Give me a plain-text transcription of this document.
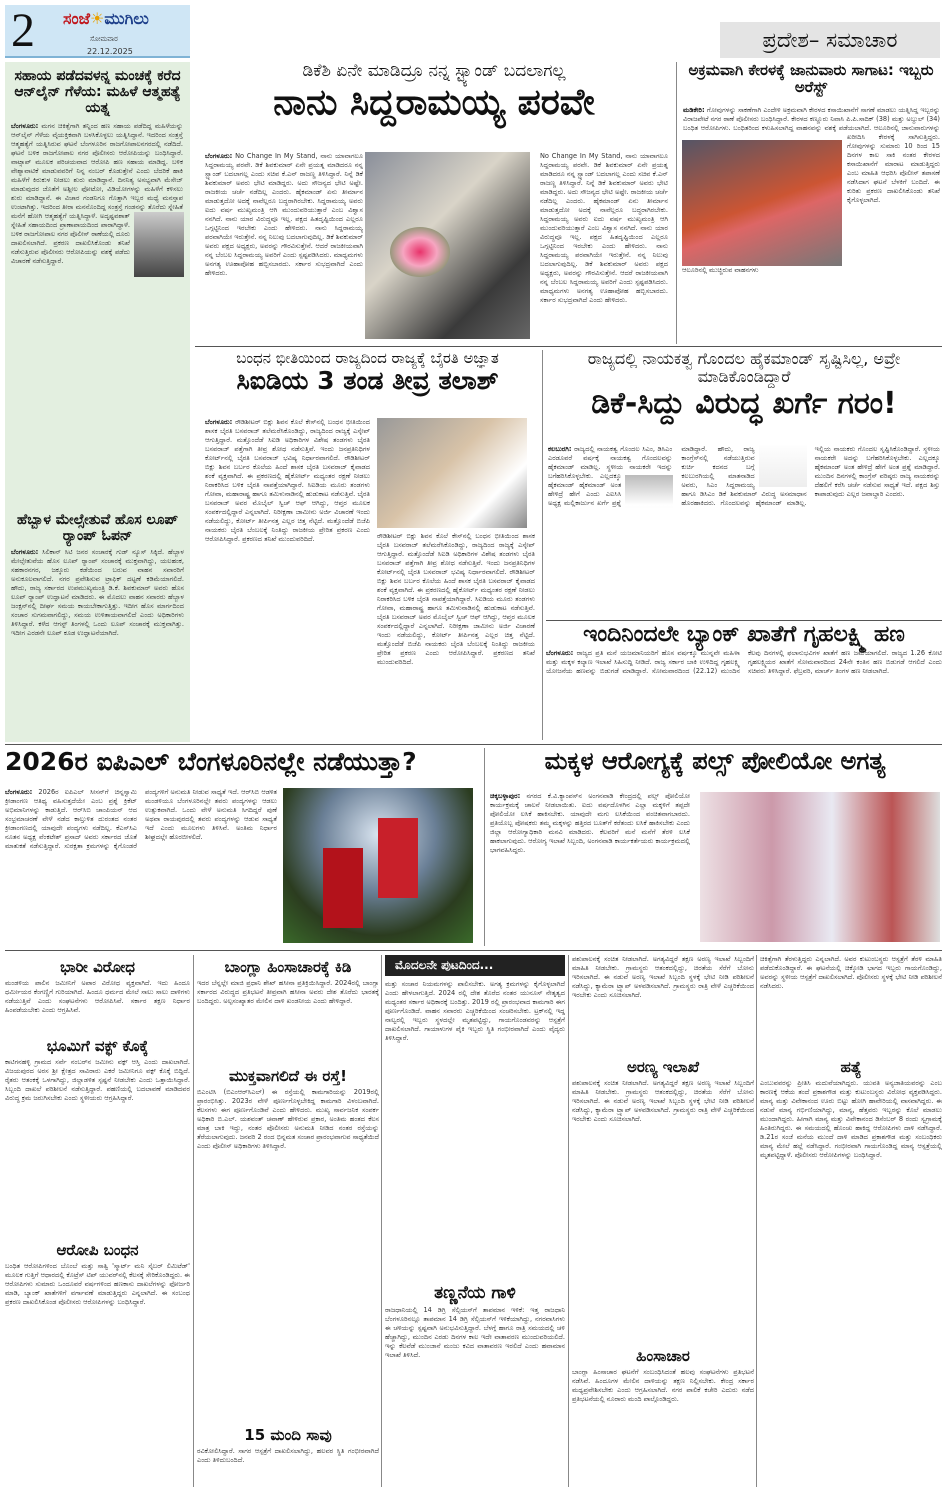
2 ಸಂಜೆ☀ಮುಗಿಲು
ಸೋಮವಾರ
22.12.2025	ಪ್ರದೇಶ– ಸಮಾಚಾರ
ಸಹಾಯ ಪಡೆದವಳನ್ನ ಮಂಚಕ್ಕೆ ಕರೆದ ಆನ್‌ಲೈನ್ ಗೆಳೆಯ: ಮಹಿಳೆ ಆತ್ಮಹತ್ಯೆ ಯತ್ನ
ಬೆಂಗಳೂರು: ಮಗನ ಚಿಕಿತ್ಸೆಗಾಗಿ ತನ್ನಿಂದ ಹಣ ಸಹಾಯ ಪಡೆದಿದ್ದ ಮಹಿಳೆಯನ್ನು ಆನ್‌ಲೈನ್ ಗೆಳೆಯ ವೈಯಕ್ತಿಕವಾಗಿ ಬಳಸಿಕೊಳ್ಳಲು ಯತ್ನಿಸಿದ್ದಾನೆ. ಇದರಿಂದ ಸಂತ್ರಸ್ತೆ ಆತ್ಮಹತ್ಯೆಗೆ ಯತ್ನಿಸಿರುವ ಘಟನೆ ಬೆಂಗಳೂರಿನ ರಾಜಗೋಪಾಲನಗರದಲ್ಲಿ ನಡೆದಿದೆ. ಘಟನೆ ಬಳಿಕ ರಾಜಗೋಪಾಲ ನಗರ ಪೊಲೀಸರು ಆರೋಪಿಯನ್ನು ಬಂಧಿಸಿದ್ದಾರೆ. ವಾಟ್ಸಾಪ್ ಮೂಲಕ ಪರಿಚಯವಾದ ಆರೋಪಿ ಹಣ ಸಹಾಯ ಮಾಡಿದ್ದ. ಬಳಿಕ ವೇಶ್ಯಾವಾಟಿಕೆ ಮಾಡುವವರಿಗೆ ನಿನ್ನ ನಂಬರ್ ಕೊಡುತ್ತೇನೆ ಎಂದು ಬೆದರಿಕೆ ಹಾಕಿ ಮಹಿಳೆಗೆ ಕಿರುಕುಳ ನೀಡಲು ಶುರು ಮಾಡಿದ್ದಾನೆ. ದಿನನಿತ್ಯ ಅಸಭ್ಯವಾಗಿ ಮೆಸೇಜ್ ಮಾಡುವುದರ ಜೊತೆಗೆ ಅಶ್ಲೀಲ ಫೋಟೋ, ವಿಡಿಯೋಗಳನ್ನು ಮಹಿಳೆಗೆ ಕಳಿಸಲು ಶುರು ಮಾಡಿದ್ದಾನೆ. ಈ ವಿಚಾರ ಗಂಡನಿಗೂ ಗೊತ್ತಾಗಿ ಇಬ್ಬರ ಮಧ್ಯೆ ಮನಸ್ತಾಪ ಉಂಟಾಗಿತ್ತು. ಇದರಿಂದ ತೀರಾ ಮನನೊಂದಿದ್ದ ಸಂತ್ರಸ್ತೆ ಗಂಡನನ್ನು ತೊರೆದು ಸ್ನೇಹಿತೆ ಮನೆಗೆ ಹೋಗಿ ಆತ್ಮಹತ್ಯೆಗೆ ಯತ್ನಿಸಿದ್ದಾಳೆ. ಅದೃಷ್ಟವಶಾತ್ ಸ್ನೇಹಿತೆ ಸಹಾಯದಿಂದ ಪ್ರಾಣಾಪಾಯದಿಂದ ಪಾರಾಗಿದ್ದಾಳೆ. ಬಳಿಕ ರಾಜಗೋಪಾಲ ನಗರ ಪೊಲೀಸ್ ಠಾಣೆಯಲ್ಲಿ ದೂರು ದಾಖಲಿಸಲಾಗಿದೆ. ಪ್ರಕರಣ ದಾಖಲಿಸಿಕೊಂಡು ತನಿಖೆ ನಡೆಸುತ್ತಿರುವ ಪೊಲೀಸರು ಆರೋಪಿಯನ್ನು ವಶಕ್ಕೆ ಪಡೆದು ವಿಚಾರಣೆ ನಡೆಸುತ್ತಿದ್ದಾರೆ.
ಹೆಬ್ಬಾಳ ಮೇಲ್ಸೇತುವೆ ಹೊಸ ಲೂಪ್ ರ್‍ಯಾಂಪ್ ಓಪನ್
ಬೆಂಗಳೂರು: ಸಿಲಿಕಾನ್ ಸಿಟಿ ಜನರ ಸಂಚಾರಕ್ಕೆ ಗುಡ್ ನ್ಯೂಸ್ ಸಿಕ್ಕಿದೆ. ಹೆಬ್ಬಾಳ ಮೇಲ್ಸೇತುವೆಯ ಹೊಸ ಲೂಪ್ ರ್‍ಯಾಂಪ್ ಸಂಚಾರಕ್ಕೆ ಮುಕ್ತವಾಗಿದ್ದು, ಯಲಹಂಕ, ಸಹಕಾರನಗರ, ಜಕ್ಕೂರು ಕಡೆಯಿಂದ ಬರುವ ವಾಹನ ಸವಾರರಿಗೆ ಅನುಕೂಲವಾಗಲಿದೆ. ನಗರ ಪ್ರವೇಶಿಸುವ ಟ್ರಾಫಿಕ್ ದಟ್ಟಣೆ ಕಡಿಮೆಯಾಗಲಿದೆ. ಹೌದು, ರಾಜ್ಯ ಸರ್ಕಾರದ ಉಪಮುಖ್ಯಮಂತ್ರಿ ಡಿ.ಕೆ. ಶಿವಕುಮಾರ್ ಅವರು ಹೊಸ ಲೂಪ್ ರ್‍ಯಾಂಪ್ ಉದ್ಘಾಟನೆ ಮಾಡಿದರು. ಈ ಮೊದಲು ವಾಹನ ಸವಾರರು ಹೆಬ್ಬಾಳ ಜಂಕ್ಷನ್‌ನಲ್ಲಿ ದೀರ್ಘ ಸಮಯ ಕಾಯಬೇಕಾಗುತ್ತಿತ್ತು. ಇದೀಗ ಹೊಸ ಮಾರ್ಗದಿಂದ ಸಂಚಾರ ಸುಗಮವಾಗಲಿದ್ದು, ಸಮಯ ಉಳಿತಾಯವಾಗಲಿದೆ ಎಂದು ಅಧಿಕಾರಿಗಳು ತಿಳಿಸಿದ್ದಾರೆ. ಕಳೆದ ಆಗಸ್ಟ್ ತಿಂಗಳಲ್ಲಿ ಒಂದು ಲೂಪ್ ಸಂಚಾರಕ್ಕೆ ಮುಕ್ತವಾಗಿತ್ತು. ಇದೀಗ ಎರಡನೇ ಲೂಪ್ ಕೂಡ ಉದ್ಘಾಟನೆಯಾಗಿದೆ.
ಡಿಕೆಶಿ ಏನೇ ಮಾಡಿದ್ರೂ ನನ್ನ ಸ್ಟ್ಯಾಂಡ್ ಬದಲಾಗಲ್ಲ
ನಾನು ಸಿದ್ದರಾಮಯ್ಯ ಪರವೇ
ಬೆಂಗಳೂರು: No Change In My Stand, ನಾನು ಯಾವಾಗಲೂ ಸಿದ್ದರಾಮಯ್ಯ ಪರವೇ. ಡಿಕೆ ಶಿವಕುಮಾರ್ ಏನೇ ಪ್ರಯತ್ನ ಮಾಡಿದರೂ ನನ್ನ ಸ್ಟ್ಯಾಂಡ್ ಬದಲಾಗಲ್ಲ ಎಂದು ಸಚಿವ ಕೆ.ಎನ್ ರಾಜಣ್ಣ ತಿಳಿಸಿದ್ದಾರೆ. ನಿನ್ನೆ ಡಿಕೆ ಶಿವಕುಮಾರ್ ಅವರು ಭೇಟಿ ಮಾಡಿದ್ದರು. ಅದು ಸೌಜನ್ಯದ ಭೇಟಿ ಅಷ್ಟೇ. ರಾಜಕೀಯ ಚರ್ಚೆ ನಡೆದಿಲ್ಲ ಎಂದರು. ಹೈಕಮಾಂಡ್ ಏನು ತೀರ್ಮಾನ ಮಾಡುತ್ತದೋ ಅದಕ್ಕೆ ನಾವೆಲ್ಲರೂ ಬದ್ಧರಾಗಿರಬೇಕು. ಸಿದ್ದರಾಮಯ್ಯ ಅವರು ಐದು ವರ್ಷ ಮುಖ್ಯಮಂತ್ರಿ ಆಗಿ ಮುಂದುವರಿಯುತ್ತಾರೆ ಎಂಬ ವಿಶ್ವಾಸ ನನಗಿದೆ. ನಾನು ಯಾರ ವಿರುದ್ಧವೂ ಇಲ್ಲ. ಪಕ್ಷದ ಹಿತದೃಷ್ಟಿಯಿಂದ ಎಲ್ಲರೂ ಒಗ್ಗಟ್ಟಿನಿಂದ ಇರಬೇಕು ಎಂದು ಹೇಳಿದರು. ನಾನು ಸಿದ್ದರಾಮಯ್ಯ ಪರವಾಗಿಯೇ ಇರುತ್ತೇನೆ. ನನ್ನ ನಿಲುವು ಬದಲಾಗುವುದಿಲ್ಲ. ಡಿಕೆ ಶಿವಕುಮಾರ್ ಅವರು ಪಕ್ಷದ ಅಧ್ಯಕ್ಷರು, ಅವರನ್ನು ಗೌರವಿಸುತ್ತೇನೆ. ಆದರೆ ರಾಜಕೀಯವಾಗಿ ನನ್ನ ಬೆಂಬಲ ಸಿದ್ದರಾಮಯ್ಯ ಅವರಿಗೆ ಎಂದು ಸ್ಪಷ್ಟಪಡಿಸಿದರು. ಮಾಧ್ಯಮಗಳು ಅನಗತ್ಯ ಊಹಾಪೋಹ ಹಬ್ಬಿಸಬಾರದು. ಸರ್ಕಾರ ಸುಭದ್ರವಾಗಿದೆ ಎಂದು ಹೇಳಿದರು.
No Change In My Stand, ನಾನು ಯಾವಾಗಲೂ ಸಿದ್ದರಾಮಯ್ಯ ಪರವೇ. ಡಿಕೆ ಶಿವಕುಮಾರ್ ಏನೇ ಪ್ರಯತ್ನ ಮಾಡಿದರೂ ನನ್ನ ಸ್ಟ್ಯಾಂಡ್ ಬದಲಾಗಲ್ಲ ಎಂದು ಸಚಿವ ಕೆ.ಎನ್ ರಾಜಣ್ಣ ತಿಳಿಸಿದ್ದಾರೆ. ನಿನ್ನೆ ಡಿಕೆ ಶಿವಕುಮಾರ್ ಅವರು ಭೇಟಿ ಮಾಡಿದ್ದರು. ಅದು ಸೌಜನ್ಯದ ಭೇಟಿ ಅಷ್ಟೇ. ರಾಜಕೀಯ ಚರ್ಚೆ ನಡೆದಿಲ್ಲ ಎಂದರು. ಹೈಕಮಾಂಡ್ ಏನು ತೀರ್ಮಾನ ಮಾಡುತ್ತದೋ ಅದಕ್ಕೆ ನಾವೆಲ್ಲರೂ ಬದ್ಧರಾಗಿರಬೇಕು. ಸಿದ್ದರಾಮಯ್ಯ ಅವರು ಐದು ವರ್ಷ ಮುಖ್ಯಮಂತ್ರಿ ಆಗಿ ಮುಂದುವರಿಯುತ್ತಾರೆ ಎಂಬ ವಿಶ್ವಾಸ ನನಗಿದೆ. ನಾನು ಯಾರ ವಿರುದ್ಧವೂ ಇಲ್ಲ. ಪಕ್ಷದ ಹಿತದೃಷ್ಟಿಯಿಂದ ಎಲ್ಲರೂ ಒಗ್ಗಟ್ಟಿನಿಂದ ಇರಬೇಕು ಎಂದು ಹೇಳಿದರು. ನಾನು ಸಿದ್ದರಾಮಯ್ಯ ಪರವಾಗಿಯೇ ಇರುತ್ತೇನೆ. ನನ್ನ ನಿಲುವು ಬದಲಾಗುವುದಿಲ್ಲ. ಡಿಕೆ ಶಿವಕುಮಾರ್ ಅವರು ಪಕ್ಷದ ಅಧ್ಯಕ್ಷರು, ಅವರನ್ನು ಗೌರವಿಸುತ್ತೇನೆ. ಆದರೆ ರಾಜಕೀಯವಾಗಿ ನನ್ನ ಬೆಂಬಲ ಸಿದ್ದರಾಮಯ್ಯ ಅವರಿಗೆ ಎಂದು ಸ್ಪಷ್ಟಪಡಿಸಿದರು. ಮಾಧ್ಯಮಗಳು ಅನಗತ್ಯ ಊಹಾಪೋಹ ಹಬ್ಬಿಸಬಾರದು. ಸರ್ಕಾರ ಸುಭದ್ರವಾಗಿದೆ ಎಂದು ಹೇಳಿದರು.
ಅಕ್ರಮವಾಗಿ ಕೇರಳಕ್ಕೆ ಜಾನುವಾರು ಸಾಗಾಟ: ಇಬ್ಬರು ಅರೆಸ್ಟ್
ಆಲೂರಿನಲ್ಲಿ ಮುಚ್ಚಿರುವ ವಾಹನಗಳು
ಮಡಿಕೇರಿ: ಗೋವುಗಳನ್ನು ಸಾಕಣೆಗಾಗಿ ಎಂದೇಳಿ ಅಕ್ರಮವಾಗಿ ಕೇರಳದ ಕಸಾಯಿಖಾನೆಗೆ ಸಾಗಣೆ ಮಾಡಲು ಯತ್ನಿಸಿದ್ದ ಇಬ್ಬರನ್ನು ವಿರಾಜಪೇಟೆ ನಗರ ಠಾಣೆ ಪೊಲೀಸರು ಬಂಧಿಸಿದ್ದಾರೆ. ಕೇರಳದ ಕಣ್ಣೂರು ನಿವಾಸಿ ಪಿ.ಪಿ.ಸಾದಿಕ್ (38) ಮತ್ತು ಅಬ್ದುಲ್ (34) ಬಂಧಿತ ಆರೋಪಿಗಳು. ಬಂಧಿತರಿಂದ ಕಳುಹಿಸಲಾಗಿದ್ದ ವಾಹನವನ್ನು ವಶಕ್ಕೆ ಪಡೆಯಲಾಗಿದೆ. ಆಲೂರಿನಲ್ಲಿ ಜಾನುವಾರುಗಳನ್ನು ಖರೀದಿಸಿ ಕೇರಳಕ್ಕೆ ಸಾಗಿಸುತ್ತಿದ್ದರು. ಗೋವುಗಳನ್ನು ಸುಮಾರು 10 ರಿಂದ 15 ದಿನಗಳ ಕಾಲ ಸಾಕಿ ನಂತರ ಕೇರಳದ ಕಸಾಯಿಖಾನೆಗೆ ಮಾರಾಟ ಮಾಡುತ್ತಿದ್ದರು ಎಂಬ ಮಾಹಿತಿ ಆಧರಿಸಿ ಪೊಲೀಸ್ ತಪಾಸಣೆ ನಡೆಸಿದಾಗ ಘಟನೆ ಬೆಳಕಿಗೆ ಬಂದಿದೆ. ಈ ಕುರಿತು ಪ್ರಕರಣ ದಾಖಲಿಸಿಕೊಂಡು ತನಿಖೆ ಕೈಗೊಳ್ಳಲಾಗಿದೆ.
ಬಂಧನ ಭೀತಿಯಿಂದ ರಾಜ್ಯದಿಂದ ರಾಜ್ಯಕ್ಕೆ ಬೈರತಿ ಅಜ್ಞಾತ
ಸಿಐಡಿಯ 3 ತಂಡ ತೀವ್ರ ತಲಾಶ್
ಬೆಂಗಳೂರು: ರೌಡಿಶೀಟರ್ ಬಿಕ್ಲು ಶಿವನ ಕೊಲೆ ಕೇಸ್‌ನಲ್ಲಿ ಬಂಧನ ಭೀತಿಯಿಂದ ಶಾಸಕ ಬೈರತಿ ಬಸವರಾಜ್ ತಲೆಮರೆಸಿಕೊಂಡಿದ್ದು, ರಾಜ್ಯದಿಂದ ರಾಜ್ಯಕ್ಕೆ ಎಸ್ಕೇಪ್ ಆಗುತ್ತಿದ್ದಾರೆ. ಮತ್ತೊಂದೆಡೆ ಸಿಐಡಿ ಅಧಿಕಾರಿಗಳ ವಿಶೇಷ ತಂಡಗಳು ಬೈರತಿ ಬಸವರಾಜ್ ಪತ್ತೆಗಾಗಿ ತೀವ್ರ ಶೋಧ ನಡೆಸುತ್ತಿವೆ. ಇಂದು ಜನಪ್ರತಿನಿಧಿಗಳ ಕೋರ್ಟ್‌ನಲ್ಲಿ ಬೈರತಿ ಬಸವರಾಜ್ ಭವಿಷ್ಯ ನಿರ್ಧಾರವಾಗಲಿದೆ. ರೌಡಿಶೀಟರ್ ಬಿಕ್ಲು ಶಿವನ ಬರ್ಬರ ಕೊಲೆಯ ಹಿಂದೆ ಶಾಸಕ ಬೈರತಿ ಬಸವರಾಜ್ ಕೈವಾಡದ ಶಂಕೆ ವ್ಯಕ್ತವಾಗಿದೆ. ಈ ಪ್ರಕರಣದಲ್ಲಿ ಹೈಕೋರ್ಟ್ ಮಧ್ಯಂತರ ರಕ್ಷಣೆ ನೀಡಲು ನಿರಾಕರಿಸಿದ ಬಳಿಕ ಬೈರತಿ ನಾಪತ್ತೆಯಾಗಿದ್ದಾರೆ. ಸಿಐಡಿಯ ಮೂರು ತಂಡಗಳು ಗೋವಾ, ಮಹಾರಾಷ್ಟ್ರ ಹಾಗೂ ತಮಿಳುನಾಡಿನಲ್ಲಿ ಹುಡುಕಾಟ ನಡೆಸುತ್ತಿವೆ. ಬೈರತಿ ಬಸವರಾಜ್ ಅವರ ಮೊಬೈಲ್ ಸ್ವಿಚ್ ಆಫ್ ಆಗಿದ್ದು, ಆಪ್ತರ ಮೂಲಕ ಸಂಪರ್ಕದಲ್ಲಿದ್ದಾರೆ ಎನ್ನಲಾಗಿದೆ. ನಿರೀಕ್ಷಣಾ ಜಾಮೀನು ಅರ್ಜಿ ವಿಚಾರಣೆ ಇಂದು ನಡೆಯಲಿದ್ದು, ಕೋರ್ಟ್ ತೀರ್ಪಿನತ್ತ ಎಲ್ಲರ ಚಿತ್ತ ನೆಟ್ಟಿದೆ. ಮತ್ತೊಂದೆಡೆ ಬಿಜೆಪಿ ನಾಯಕರು ಬೈರತಿ ಬೆಂಬಲಕ್ಕೆ ನಿಂತಿದ್ದು ರಾಜಕೀಯ ಪ್ರೇರಿತ ಪ್ರಕರಣ ಎಂದು ಆರೋಪಿಸಿದ್ದಾರೆ. ಪ್ರಕರಣದ ತನಿಖೆ ಮುಂದುವರಿದಿದೆ.	ರೌಡಿಶೀಟರ್ ಬಿಕ್ಲು ಶಿವನ ಕೊಲೆ ಕೇಸ್‌ನಲ್ಲಿ ಬಂಧನ ಭೀತಿಯಿಂದ ಶಾಸಕ ಬೈರತಿ ಬಸವರಾಜ್ ತಲೆಮರೆಸಿಕೊಂಡಿದ್ದು, ರಾಜ್ಯದಿಂದ ರಾಜ್ಯಕ್ಕೆ ಎಸ್ಕೇಪ್ ಆಗುತ್ತಿದ್ದಾರೆ. ಮತ್ತೊಂದೆಡೆ ಸಿಐಡಿ ಅಧಿಕಾರಿಗಳ ವಿಶೇಷ ತಂಡಗಳು ಬೈರತಿ ಬಸವರಾಜ್ ಪತ್ತೆಗಾಗಿ ತೀವ್ರ ಶೋಧ ನಡೆಸುತ್ತಿವೆ. ಇಂದು ಜನಪ್ರತಿನಿಧಿಗಳ ಕೋರ್ಟ್‌ನಲ್ಲಿ ಬೈರತಿ ಬಸವರಾಜ್ ಭವಿಷ್ಯ ನಿರ್ಧಾರವಾಗಲಿದೆ. ರೌಡಿಶೀಟರ್ ಬಿಕ್ಲು ಶಿವನ ಬರ್ಬರ ಕೊಲೆಯ ಹಿಂದೆ ಶಾಸಕ ಬೈರತಿ ಬಸವರಾಜ್ ಕೈವಾಡದ ಶಂಕೆ ವ್ಯಕ್ತವಾಗಿದೆ. ಈ ಪ್ರಕರಣದಲ್ಲಿ ಹೈಕೋರ್ಟ್ ಮಧ್ಯಂತರ ರಕ್ಷಣೆ ನೀಡಲು ನಿರಾಕರಿಸಿದ ಬಳಿಕ ಬೈರತಿ ನಾಪತ್ತೆಯಾಗಿದ್ದಾರೆ. ಸಿಐಡಿಯ ಮೂರು ತಂಡಗಳು ಗೋವಾ, ಮಹಾರಾಷ್ಟ್ರ ಹಾಗೂ ತಮಿಳುನಾಡಿನಲ್ಲಿ ಹುಡುಕಾಟ ನಡೆಸುತ್ತಿವೆ. ಬೈರತಿ ಬಸವರಾಜ್ ಅವರ ಮೊಬೈಲ್ ಸ್ವಿಚ್ ಆಫ್ ಆಗಿದ್ದು, ಆಪ್ತರ ಮೂಲಕ ಸಂಪರ್ಕದಲ್ಲಿದ್ದಾರೆ ಎನ್ನಲಾಗಿದೆ. ನಿರೀಕ್ಷಣಾ ಜಾಮೀನು ಅರ್ಜಿ ವಿಚಾರಣೆ ಇಂದು ನಡೆಯಲಿದ್ದು, ಕೋರ್ಟ್ ತೀರ್ಪಿನತ್ತ ಎಲ್ಲರ ಚಿತ್ತ ನೆಟ್ಟಿದೆ. ಮತ್ತೊಂದೆಡೆ ಬಿಜೆಪಿ ನಾಯಕರು ಬೈರತಿ ಬೆಂಬಲಕ್ಕೆ ನಿಂತಿದ್ದು ರಾಜಕೀಯ ಪ್ರೇರಿತ ಪ್ರಕರಣ ಎಂದು ಆರೋಪಿಸಿದ್ದಾರೆ. ಪ್ರಕರಣದ ತನಿಖೆ ಮುಂದುವರಿದಿದೆ.
ರಾಜ್ಯದಲ್ಲಿ ನಾಯಕತ್ವ ಗೊಂದಲ ಹೈಕಮಾಂಡ್ ಸೃಷ್ಟಿಸಿಲ್ಲ, ಅವ್ರೇ ಮಾಡಿಕೊಂಡಿದ್ದಾರೆ
ಡಿಕೆ-ಸಿದ್ದು ವಿರುದ್ಧ ಖರ್ಗೆ ಗರಂ!
ಕಲಬುರಗಿ: ರಾಜ್ಯದಲ್ಲಿ ನಾಯಕತ್ವ ಗೊಂದಲ ಸಿಎಂ, ಡಿಸಿಎಂ ಎರಡೂವರೆ ವರ್ಷಕ್ಕೆ ನಾಯಕತ್ವ ಗೊಂದಲವನ್ನು ಹೈಕಮಾಂಡ್ ಮಾಡಿಲ್ಲ. ಸ್ಥಳೀಯ ನಾಯಕರೇ ಇದನ್ನು ಬಗೆಹರಿಸಿಕೊಳ್ಳಬೇಕು. ಎಲ್ಲದಕ್ಕೂ ಹೈಕಮಾಂಡ್ ಹೈಕಮಾಂಡ್ ಅಂತ ಹೇಳಿದ್ರೆ ಹೇಗೆ ಎಂದು ಎಐಸಿಸಿ ಅಧ್ಯಕ್ಷ ಮಲ್ಲಿಕಾರ್ಜುನ ಖರ್ಗೆ ಪ್ರಶ್ನೆ ಮಾಡಿದ್ದಾರೆ. ಹೌದು, ರಾಜ್ಯ ಕಾಂಗ್ರೆಸ್‌ನಲ್ಲಿ ನಡೆಯುತ್ತಿರುವ ಕುರ್ಚಿ ಕದನದ ಬಗ್ಗೆ ಕಲಬುರಗಿಯಲ್ಲಿ ಮಾತನಾಡಿದ ಅವರು, ಸಿಎಂ ಸಿದ್ದರಾಮಯ್ಯ ಹಾಗೂ ಡಿಸಿಎಂ ಡಿಕೆ ಶಿವಕುಮಾರ್ ವಿರುದ್ಧ ಅಸಮಾಧಾನ ಹೊರಹಾಕಿದರು. ಗೊಂದಲವನ್ನು ಹೈಕಮಾಂಡ್ ಮಾಡಿಲ್ಲ. ಇಲ್ಲಿಯ ನಾಯಕರು ಗೊಂದಲ ಸೃಷ್ಟಿಸಿಕೊಂಡಿದ್ದಾರೆ. ಸ್ಥಳೀಯ ನಾಯಕರೇ ಅದನ್ನು ಬಗೆಹರಿಸಿಕೊಳ್ಳಬೇಕು. ಎಲ್ಲದಕ್ಕೂ ಹೈಕಮಾಂಡ್ ಅಂತ ಹೇಳಿದ್ರೆ ಹೇಗೆ ಅಂತ ಪ್ರಶ್ನೆ ಮಾಡಿದ್ದಾರೆ. ಮುಂದಿನ ದಿನಗಳಲ್ಲಿ ಕಾಂಗ್ರೆಸ್ ವರಿಷ್ಠರು ರಾಜ್ಯ ನಾಯಕರನ್ನು ದೆಹಲಿಗೆ ಕರೆಸಿ ಚರ್ಚೆ ನಡೆಸುವ ಸಾಧ್ಯತೆ ಇದೆ. ಪಕ್ಷದ ಶಿಸ್ತು ಕಾಪಾಡುವುದು ಎಲ್ಲರ ಜವಾಬ್ದಾರಿ ಎಂದರು.
ಇಂದಿನಿಂದಲೇ ಬ್ಯಾಂಕ್ ಖಾತೆಗೆ ಗೃಹಲಕ್ಷ್ಮಿ ಹಣ
ಬೆಂಗಳೂರು: ರಾಜ್ಯದ ಪ್ರತಿ ಮನೆ ಯಜಮಾನಿಯರಿಗೆ ಹೊಸ ವರ್ಷಕ್ಕೂ ಮುನ್ನವೇ ಮಹಿಳಾ ಮತ್ತು ಮಕ್ಕಳ ಕಲ್ಯಾಣ ಇಲಾಖೆ ಸಿಹಿಸುದ್ದಿ ನೀಡಿದೆ. ರಾಜ್ಯ ಸರ್ಕಾರ ಬಾಕಿ ಉಳಿದಿದ್ದ ಗೃಹಲಕ್ಷ್ಮಿ ಯೋಜನೆಯ ಹಣವನ್ನು ಬಿಡುಗಡೆ ಮಾಡಿದ್ದಾರೆ. ಸೋಮವಾರದಿಂದ (22.12) ಮುಂದಿನ ಕೆಲವು ದಿನಗಳಲ್ಲಿ ಫಲಾನುಭವಿಗಳ ಖಾತೆಗೆ ಹಣ ಜಮೆಯಾಗಲಿದೆ. ರಾಜ್ಯದ 1.26 ಕೋಟಿ ಗೃಹಲಕ್ಷ್ಮಿಯರ ಖಾತೆಗೆ ಸೋಮವಾರದಿಂದ 24ನೇ ಕಂತಿನ ಹಣ ಬಿಡುಗಡೆ ಆಗಲಿದೆ ಎಂದು ಸಚಿವರು ತಿಳಿಸಿದ್ದಾರೆ. ಫೆಬ್ರವರಿ, ಮಾರ್ಚ್ ತಿಂಗಳ ಹಣ ನೀಡಲಾಗಿದೆ.
2026ರ ಐಪಿಎಲ್ ಬೆಂಗಳೂರಿನಲ್ಲೇ ನಡೆಯುತ್ತಾ?
ಬೆಂಗಳೂರು: 2026ರ ಐಪಿಎಲ್ ಸೀಸನ್‌ಗೆ ಚಿನ್ನಸ್ವಾಮಿ ಕ್ರೀಡಾಂಗಣ ಆತಿಥ್ಯ ವಹಿಸುತ್ತದೆಯೇ ಎಂಬ ಪ್ರಶ್ನೆ ಕ್ರಿಕೆಟ್ ಅಭಿಮಾನಿಗಳನ್ನು ಕಾಡುತ್ತಿದೆ. ಆರ್‌ಸಿಬಿ ಚಾಂಪಿಯನ್ ಆದ ಸಂಭ್ರಮಾಚರಣೆ ವೇಳೆ ನಡೆದ ಕಾಲ್ತುಳಿತ ದುರಂತದ ನಂತರ ಕ್ರೀಡಾಂಗಣದಲ್ಲಿ ಯಾವುದೇ ಪಂದ್ಯಗಳು ನಡೆದಿಲ್ಲ. ಕೆಎಸ್‌ಸಿಎ ನೂತನ ಅಧ್ಯಕ್ಷ ವೆಂಕಟೇಶ್ ಪ್ರಸಾದ್ ಅವರು ಸರ್ಕಾರದ ಜೊತೆ ಮಾತುಕತೆ ನಡೆಸುತ್ತಿದ್ದಾರೆ. ಸುರಕ್ಷತಾ ಕ್ರಮಗಳನ್ನು ಕೈಗೊಂಡರೆ ಪಂದ್ಯಗಳಿಗೆ ಅನುಮತಿ ನೀಡುವ ಸಾಧ್ಯತೆ ಇದೆ. ಆರ್‌ಸಿಬಿ ಆಡಳಿತ ಮಂಡಳಿಯೂ ಬೆಂಗಳೂರಿನಲ್ಲೇ ತವರು ಪಂದ್ಯಗಳನ್ನು ಆಡಲು ಉತ್ಸುಕವಾಗಿದೆ. ಒಂದು ವೇಳೆ ಅನುಮತಿ ಸಿಗದಿದ್ದರೆ ಪುಣೆ ಅಥವಾ ರಾಯಪುರದಲ್ಲಿ ತವರು ಪಂದ್ಯಗಳನ್ನು ಆಡುವ ಸಾಧ್ಯತೆ ಇದೆ ಎಂದು ಮೂಲಗಳು ತಿಳಿಸಿವೆ. ಅಂತಿಮ ನಿರ್ಧಾರ ಶೀಘ್ರದಲ್ಲೇ ಹೊರಬೀಳಲಿದೆ.
ಮಕ್ಕಳ ಆರೋಗ್ಯಕ್ಕೆ ಪಲ್ಸ್ ಪೋಲಿಯೋ ಅಗತ್ಯ
ಚಿಕ್ಕಬಳ್ಳಾಪುರ: ನಗರದ ಕೆ.ವಿ.ಕ್ಯಾಂಪಸ್‌ನ ಅಂಗನವಾಡಿ ಕೇಂದ್ರದಲ್ಲಿ ಪಲ್ಸ್ ಪೋಲಿಯೋ ಕಾರ್ಯಕ್ರಮಕ್ಕೆ ಚಾಲನೆ ನೀಡಲಾಯಿತು. ಐದು ವರ್ಷದೊಳಗಿನ ಎಲ್ಲಾ ಮಕ್ಕಳಿಗೆ ತಪ್ಪದೇ ಪೋಲಿಯೋ ಲಸಿಕೆ ಹಾಕಿಸಬೇಕು. ಯಾವುದೇ ಮಗು ಲಸಿಕೆಯಿಂದ ವಂಚಿತವಾಗಬಾರದು. ಪ್ರತಿಯೊಬ್ಬ ಪೋಷಕರು ತಮ್ಮ ಮಕ್ಕಳನ್ನು ಹತ್ತಿರದ ಬೂತ್‌ಗೆ ಕರೆತಂದು ಲಸಿಕೆ ಹಾಕಿಸಬೇಕು ಎಂದು ಜಿಲ್ಲಾ ಆರೋಗ್ಯಾಧಿಕಾರಿ ಮನವಿ ಮಾಡಿದರು. ಕೆಲವರಿಗೆ ಮನೆ ಮನೆಗೆ ತೆರಳಿ ಲಸಿಕೆ ಹಾಕಲಾಗುವುದು. ಆರೋಗ್ಯ ಇಲಾಖೆ ಸಿಬ್ಬಂದಿ, ಅಂಗನವಾಡಿ ಕಾರ್ಯಕರ್ತೆಯರು ಕಾರ್ಯಕ್ರಮದಲ್ಲಿ ಭಾಗವಹಿಸಿದ್ದರು.
ಭಾರೀ ವಿರೋಧ
ಮಂಡಳಿಯ ಪಾಲಿನ ಜಮೀನಿಗೆ ಅಪಾರ ವಿರೋಧ ವ್ಯಕ್ತವಾಗಿದೆ. ಇದು ಹಿಂದೂ ಧರ್ಮೀಯರ ಕೆಂಗಣ್ಣಿಗೆ ಗುರಿಯಾಗಿದೆ. ಹಿಂದೂ ಧರ್ಮದ ಮೇಲೆ ಸಾಲು ಸಾಲು ದಾಳಿಗಳು ನಡೆಯುತ್ತಿವೆ ಎಂದು ಸಂಘಟನೆಗಳು ಆರೋಪಿಸಿವೆ. ಸರ್ಕಾರ ತಕ್ಷಣ ನಿರ್ಧಾರ ಹಿಂಪಡೆಯಬೇಕು ಎಂದು ಆಗ್ರಹಿಸಿವೆ.
ಭೂಮಿಗೆ ವಕ್ಫ್ ಕೊಕ್ಕೆ
ಕಾಟಿಗನಹಳ್ಳಿ ಗ್ರಾಮದ ಸರ್ವೆ ನಂಬರ್‌ನ ಜಮೀನು ವಕ್ಫ್ ಆಸ್ತಿ ಎಂದು ದಾಖಲಾಗಿದೆ. ವಿಜಯಪುರದ ಅರಸ ಶ್ರೀ ಕ್ಷೇತ್ರದ ಸಾವಿರಾರು ಎಕರೆ ಜಮೀನಿಗೂ ವಕ್ಫ್ ಕೊಕ್ಕೆ ಬಿದ್ದಿದೆ. ರೈತರು ಆತಂಕಕ್ಕೆ ಒಳಗಾಗಿದ್ದು, ಜಿಲ್ಲಾಡಳಿತ ಸ್ಪಷ್ಟನೆ ನೀಡಬೇಕು ಎಂದು ಒತ್ತಾಯಿಸಿದ್ದಾರೆ. ಸಿಬ್ಬಂದಿ ದಾಖಲೆ ಪರಿಶೀಲನೆ ನಡೆಸುತ್ತಿದ್ದಾರೆ. ಪಹಣಿಯಲ್ಲಿ ಬದಲಾವಣೆ ಮಾಡಿದವರ ವಿರುದ್ಧ ಕ್ರಮ ಜರುಗಿಸಬೇಕು ಎಂದು ಸ್ಥಳೀಯರು ಆಗ್ರಹಿಸಿದ್ದಾರೆ.
ಆರೋಪಿ ಬಂಧನ
ಬಂಧಿತ ಆರೋಪಿಗಳಿಂದ ಬೊಂಬೆ ಮತ್ತು ಸಾತ್ವಿ 'ಸ್ಮಾರ್ಟ್ ಮನಿ ಸೈಬರ್ ಲಿಮಿಟೆಡ್' ಮೂಲಕ ಗುತ್ತಿಗೆ ಆಧಾರದಲ್ಲಿ ಕೊಟ್ರೆಸ್ ಟಿಪ್ ಯುವರ್‌ನಲ್ಲಿ ಕೆಲಸಕ್ಕೆ ಸೇರಿಕೊಂಡಿದ್ದರು. ಈ ಆರೋಪಿಗಳು ಸುಮಾರು ಒಂದೂವರೆ ವರ್ಷಗಳಿಂದ ಹಣಕಾಸು ದಾಖಲೆಗಳನ್ನು ಫೋರ್ಜರಿ ಮಾಡಿ, ಬ್ಯಾಂಕ್ ಖಾತೆಗಳಿಗೆ ವರ್ಗಾವಣೆ ಮಾಡುತ್ತಿದ್ದರು ಎನ್ನಲಾಗಿದೆ. ಈ ಸಂಬಂಧ ಪ್ರಕರಣ ದಾಖಲಿಸಿಕೊಂಡ ಪೊಲೀಸರು ಆರೋಪಿಗಳನ್ನು ಬಂಧಿಸಿದ್ದಾರೆ.
ಬಾಂಗ್ಲಾ ಹಿಂಸಾಚಾರಕ್ಕೆ ಕಿಡಿ
ಇದರ ಬೆನ್ನಲ್ಲೇ ಮಾಜಿ ಪ್ರಧಾನಿ ಶೇಖ್ ಹಸೀನಾ ಪ್ರತಿಕ್ರಿಯಿಸಿದ್ದಾರೆ. 2024ರಲ್ಲಿ ಬಾಂಗ್ಲಾ ಸರ್ಕಾರದ ವಿರುದ್ಧದ ಪ್ರತಿಭಟನೆ ತೀವ್ರವಾಗಿ ಹಸೀನಾ ಅವರು ದೇಶ ತೊರೆದು ಭಾರತಕ್ಕೆ ಬಂದಿದ್ದರು. ಅಲ್ಪಸಂಖ್ಯಾತರ ಮೇಲಿನ ದಾಳಿ ಖಂಡನೀಯ ಎಂದು ಹೇಳಿದ್ದಾರೆ.
ಮುಕ್ತವಾಗಲಿದೆ ಈ ರಸ್ತೆ!
ಬಿಎಂಟಿಸಿ (ಬಿಎಂಆರ್‌ಸಿಎಲ್) ಈ ರಸ್ತೆಯಲ್ಲಿ ಕಾಮಗಾರಿಯನ್ನು 2019ರಲ್ಲಿ ಪ್ರಾರಂಭಿಸಿತ್ತು. 2023ರ ವೇಳೆ ಪೂರ್ಣಗೊಳ್ಳಬೇಕಿದ್ದ ಕಾಮಗಾರಿ ವಿಳಂಬವಾಗಿದೆ. ಕೆಲಸಗಳು ಈಗ ಪೂರ್ಣಗೊಂಡಿವೆ ಎಂದು ಹೇಳಿದರು. ಮುಖ್ಯ ಸಾರ್ವಜನಿಕ ಸಂಪರ್ಕ ಅಧಿಕಾರಿ ಬಿ.ಎಲ್. ಯಶವಂತ್ ಚವಾಣ್ ಹೇಳಿರುವ ಪ್ರಕಾರ, ಅಂತಿಮ ಹಂತದ ಕೆಲಸ ಮಾತ್ರ ಬಾಕಿ ಇದ್ದು, ನಂತರ ಪೊಲೀಸರು ಅನುಮತಿ ನೀಡಿದ ನಂತರ ರಸ್ತೆಯನ್ನು ತೆರೆಯಲಾಗುವುದು. ಜನವರಿ 2 ರಂದ ಭಿನ್ನಮತ ಸಂಚಾರ ಪ್ರಾರಂಭವಾಗುವ ಸಾಧ್ಯತೆಯಿದೆ ಎಂದು ಪೊಲೀಸ್ ಅಧಿಕಾರಿಗಳು ತಿಳಿಸಿದ್ದಾರೆ.
15 ಮಂದಿ ಸಾವು
ರವಿಕೋಲಿಸಿದ್ದಾರೆ. ಸಾಗರ ಆಸ್ಪತ್ರೆಗೆ ದಾಖಲಿಸಲಾಗಿದ್ದು, ಹಲವರ ಸ್ಥಿತಿ ಗಂಭೀರವಾಗಿದೆ ಎಂದು ತಿಳಿದುಬಂದಿದೆ.
ಮೊದಲನೇ ಪುಟದಿಂದ...
ಮತ್ತು ಸಂಚಾರ ನಿಯಮಗಳನ್ನು ಪಾಲಿಸಬೇಕು. ಅಗತ್ಯ ಕ್ರಮಗಳನ್ನು ಕೈಗೊಳ್ಳಲಾಗಿದೆ ಎಂದು ಹೇಳಲಾಗುತ್ತಿದೆ. 2024 ರಲ್ಲಿ ದೇಶ ತೊರೆದ ನಂತರ ಯುನೂಸ್ ನೇತೃತ್ವದ ಮಧ್ಯಂತರ ಸರ್ಕಾರ ಅಧಿಕಾರಕ್ಕೆ ಬಂದಿತ್ತು. 2019 ರಲ್ಲಿ ಪ್ರಾರಂಭವಾದ ಕಾಮಗಾರಿ ಈಗ ಪೂರ್ಣಗೊಂಡಿದೆ. ವಾಹನ ಸವಾರರು ಎಚ್ಚರಿಕೆಯಿಂದ ಸಂಚರಿಸಬೇಕು. ಟ್ರಕ್‌ನಲ್ಲಿ ಇದ್ದ ನಾಲ್ವರಲ್ಲಿ ಇಬ್ಬರು ಸ್ಥಳದಲ್ಲೇ ಮೃತಪಟ್ಟಿದ್ದು, ಗಾಯಗೊಂಡವರನ್ನು ಆಸ್ಪತ್ರೆಗೆ ದಾಖಲಿಸಲಾಗಿದೆ. ಗಾಯಾಳುಗಳ ಪೈಕಿ ಇಬ್ಬರು ಸ್ಥಿತಿ ಗಂಭೀರವಾಗಿದೆ ಎಂದು ವೈದ್ಯರು ತಿಳಿಸಿದ್ದಾರೆ.
ತಣ್ಣನೆಯ ಗಾಳಿ
ರಾಜಧಾನಿಯಲ್ಲಿ 14 ಡಿಗ್ರಿ ಸೆಲ್ಸಿಯಸ್‌ಗೆ ತಾಪಮಾನ ಇಳಿಕೆ: ಇತ್ತ ರಾಜಧಾನಿ ಬೆಂಗಳೂರಿನಲ್ಲೂ ತಾಪಮಾನ 14 ಡಿಗ್ರಿ ಸೆಲ್ಸಿಯಸ್‌ಗೆ ಇಳಿಕೆಯಾಗಿದ್ದು, ನಗರವಾಸಿಗಳು ಈ ಚಳಿಯನ್ನು ಸ್ಪಷ್ಟವಾಗಿ ಅನುಭವಿಸುತ್ತಿದ್ದಾರೆ. ಬೆಳಗ್ಗೆ ಹಾಗೂ ರಾತ್ರಿ ಸಮಯದಲ್ಲಿ ಚಳಿ ಹೆಚ್ಚಾಗಿದ್ದು, ಮುಂದಿನ ಎರಡು ದಿನಗಳ ಕಾಲ ಇದೇ ವಾತಾವರಣ ಮುಂದುವರಿಯಲಿದೆ. ಇನ್ನು ಕೆಲವೆಡೆ ಮುಂಜಾನೆ ಮಂಜು ಕವಿದ ವಾತಾವರಣ ಇರಲಿದೆ ಎಂದು ಹವಾಮಾನ ಇಲಾಖೆ ತಿಳಿಸಿದೆ.
ಪಶುಪಾಲನಕ್ಕೆ ಸಂಚಿತ ನೀಡಲಾಗಿದೆ. ಅಗತ್ಯವಿದ್ದರೆ ತಕ್ಷಣ ಅರಣ್ಯ ಇಲಾಖೆ ಸಿಬ್ಬಂದಿಗೆ ಮಾಹಿತಿ ನೀಡಬೇಕು. ಗ್ರಾಮಸ್ಥರು ಆತಂಕದಲ್ಲಿದ್ದು, ಚಿರತೆಯ ಸೆರೆಗೆ ಬೋನು ಇರಿಸಲಾಗಿದೆ. ಈ ನಡುವೆ ಅರಣ್ಯ ಇಲಾಖೆ ಸಿಬ್ಬಂದಿ ಸ್ಥಳಕ್ಕೆ ಭೇಟಿ ನೀಡಿ ಪರಿಶೀಲನೆ ನಡೆಸಿದ್ದು, ಕ್ಯಾಮೆರಾ ಟ್ರ್ಯಾಪ್ ಅಳವಡಿಸಲಾಗಿದೆ. ಗ್ರಾಮಸ್ಥರು ರಾತ್ರಿ ವೇಳೆ ಎಚ್ಚರಿಕೆಯಿಂದ ಇರಬೇಕು ಎಂದು ಸೂಚಿಸಲಾಗಿದೆ.
ಅರಣ್ಯ ಇಲಾಖೆ
ಪಶುಪಾಲನಕ್ಕೆ ಸಂಚಿತ ನೀಡಲಾಗಿದೆ. ಅಗತ್ಯವಿದ್ದರೆ ತಕ್ಷಣ ಅರಣ್ಯ ಇಲಾಖೆ ಸಿಬ್ಬಂದಿಗೆ ಮಾಹಿತಿ ನೀಡಬೇಕು. ಗ್ರಾಮಸ್ಥರು ಆತಂಕದಲ್ಲಿದ್ದು, ಚಿರತೆಯ ಸೆರೆಗೆ ಬೋನು ಇರಿಸಲಾಗಿದೆ. ಈ ನಡುವೆ ಅರಣ್ಯ ಇಲಾಖೆ ಸಿಬ್ಬಂದಿ ಸ್ಥಳಕ್ಕೆ ಭೇಟಿ ನೀಡಿ ಪರಿಶೀಲನೆ ನಡೆಸಿದ್ದು, ಕ್ಯಾಮೆರಾ ಟ್ರ್ಯಾಪ್ ಅಳವಡಿಸಲಾಗಿದೆ. ಗ್ರಾಮಸ್ಥರು ರಾತ್ರಿ ವೇಳೆ ಎಚ್ಚರಿಕೆಯಿಂದ ಇರಬೇಕು ಎಂದು ಸೂಚಿಸಲಾಗಿದೆ.
ಹಿಂಸಾಚಾರ
ಬಾಂಗ್ಲಾ ಹಿಂಸಾಚಾರ ಘಟನೆಗೆ ಸಂಬಂಧಿಸಿದಂತೆ ಹಲವು ಸಂಘಟನೆಗಳು ಪ್ರತಿಭಟನೆ ನಡೆಸಿವೆ. ಹಿಂದೂಗಳ ಮೇಲಿನ ದಾಳಿಯನ್ನು ತಕ್ಷಣ ನಿಲ್ಲಿಸಬೇಕು. ಕೇಂದ್ರ ಸರ್ಕಾರ ಮಧ್ಯಪ್ರವೇಶಿಸಬೇಕು ಎಂದು ಆಗ್ರಹಿಸಲಾಗಿದೆ. ನಗರ ಪಾಲಿಕೆ ಕಚೇರಿ ಎದುರು ನಡೆದ ಪ್ರತಿಭಟನೆಯಲ್ಲಿ ನೂರಾರು ಮಂದಿ ಪಾಲ್ಗೊಂಡಿದ್ದರು.
ಚಿಕಿತ್ಸೆಗಾಗಿ ತೆರಳುತ್ತಿದ್ದರು ಎನ್ನಲಾಗಿದೆ. ಅವರ ಕುಟುಂಬಸ್ಥರು ಆಸ್ಪತ್ರೆಗೆ ತೆರಳಿ ಮಾಹಿತಿ ಪಡೆದುಕೊಂಡಿದ್ದಾರೆ. ಈ ಘಟನೆಯಲ್ಲಿ ಚಿಕ್ಕೋಡಿ ಭಾಗದ ಇಬ್ಬರು ಗಾಯಗೊಂಡಿದ್ದು, ಅವರನ್ನು ಸ್ಥಳೀಯ ಆಸ್ಪತ್ರೆಗೆ ದಾಖಲಿಸಲಾಗಿದೆ. ಪೊಲೀಸರು ಸ್ಥಳಕ್ಕೆ ಭೇಟಿ ನೀಡಿ ಪರಿಶೀಲನೆ ನಡೆಸಿದರು.
ಹತ್ಯೆ
ಎಂಬುವವರನ್ನು ಪ್ರೀತಿಸಿ ಮದುವೆಯಾಗಿದ್ದರು. ಯುವತಿ ಅನ್ಯಜಾತಿಯವರನ್ನು ಎಂಬ ಕಾರಣಕ್ಕೆ ಆಕೆಯ ತಂದೆ ಪ್ರಕಾಶಗೌಡ ಮತ್ತು ಕುಟುಂಬಸ್ಥರು ವಿರೋಧ ವ್ಯಕ್ತಪಡಿಸಿದ್ದರು. ಮಾನ್ಯ ಮತ್ತು ವಿವೇಕಾನಂದ ಊರು ಬಿಟ್ಟು ಹೋಗಿ ಹಾವೇರಿಯಲ್ಲಿ ವಾಸವಾಗಿದ್ದರು. ಈ ನಡುವೆ ಮಾನ್ಯ ಗರ್ಭಿಣಿಯಾಗಿದ್ದು, ಮಾನ್ಯ, ಹೆತ್ತವರು ಇಬ್ಬರನ್ನು ಕೊಲೆ ಮಾಡಲು ಮುಂದಾಗಿದ್ದರು. ಹೀಗಾಗಿ ಮಾನ್ಯ ಮತ್ತು ವಿವೇಕಾನಂದ ಡಿಸೆಂಬರ್ 8 ರಂದು ಸ್ವಗ್ರಾಮಕ್ಕೆ ಹಿಂತಿರುಗಿದ್ದರು. ಈ ಸಮಯದಲ್ಲಿ ಹೊಂಚು ಹಾಕಿದ್ದ ಆರೋಪಿಗಳು ದಾಳಿ ನಡೆಸಿದ್ದಾರೆ. ಡಿ.21ರ ಸಂಜೆ ಮನೆಯ ಮುಂದೆ ದಾಳಿ ಮಾಡಿದ ಪ್ರಕಾಶಗೌಡ ಮತ್ತು ಸಂಬಂಧಿಕರು ಮಾನ್ಯ ಮೇಲೆ ಹಲ್ಲೆ ನಡೆಸಿದ್ದಾರೆ. ಗಂಭೀರವಾಗಿ ಗಾಯಗೊಂಡಿದ್ದ ಮಾನ್ಯ ಆಸ್ಪತ್ರೆಯಲ್ಲಿ ಮೃತಪಟ್ಟಿದ್ದಾಳೆ. ಪೊಲೀಸರು ಆರೋಪಿಗಳನ್ನು ಬಂಧಿಸಿದ್ದಾರೆ.
